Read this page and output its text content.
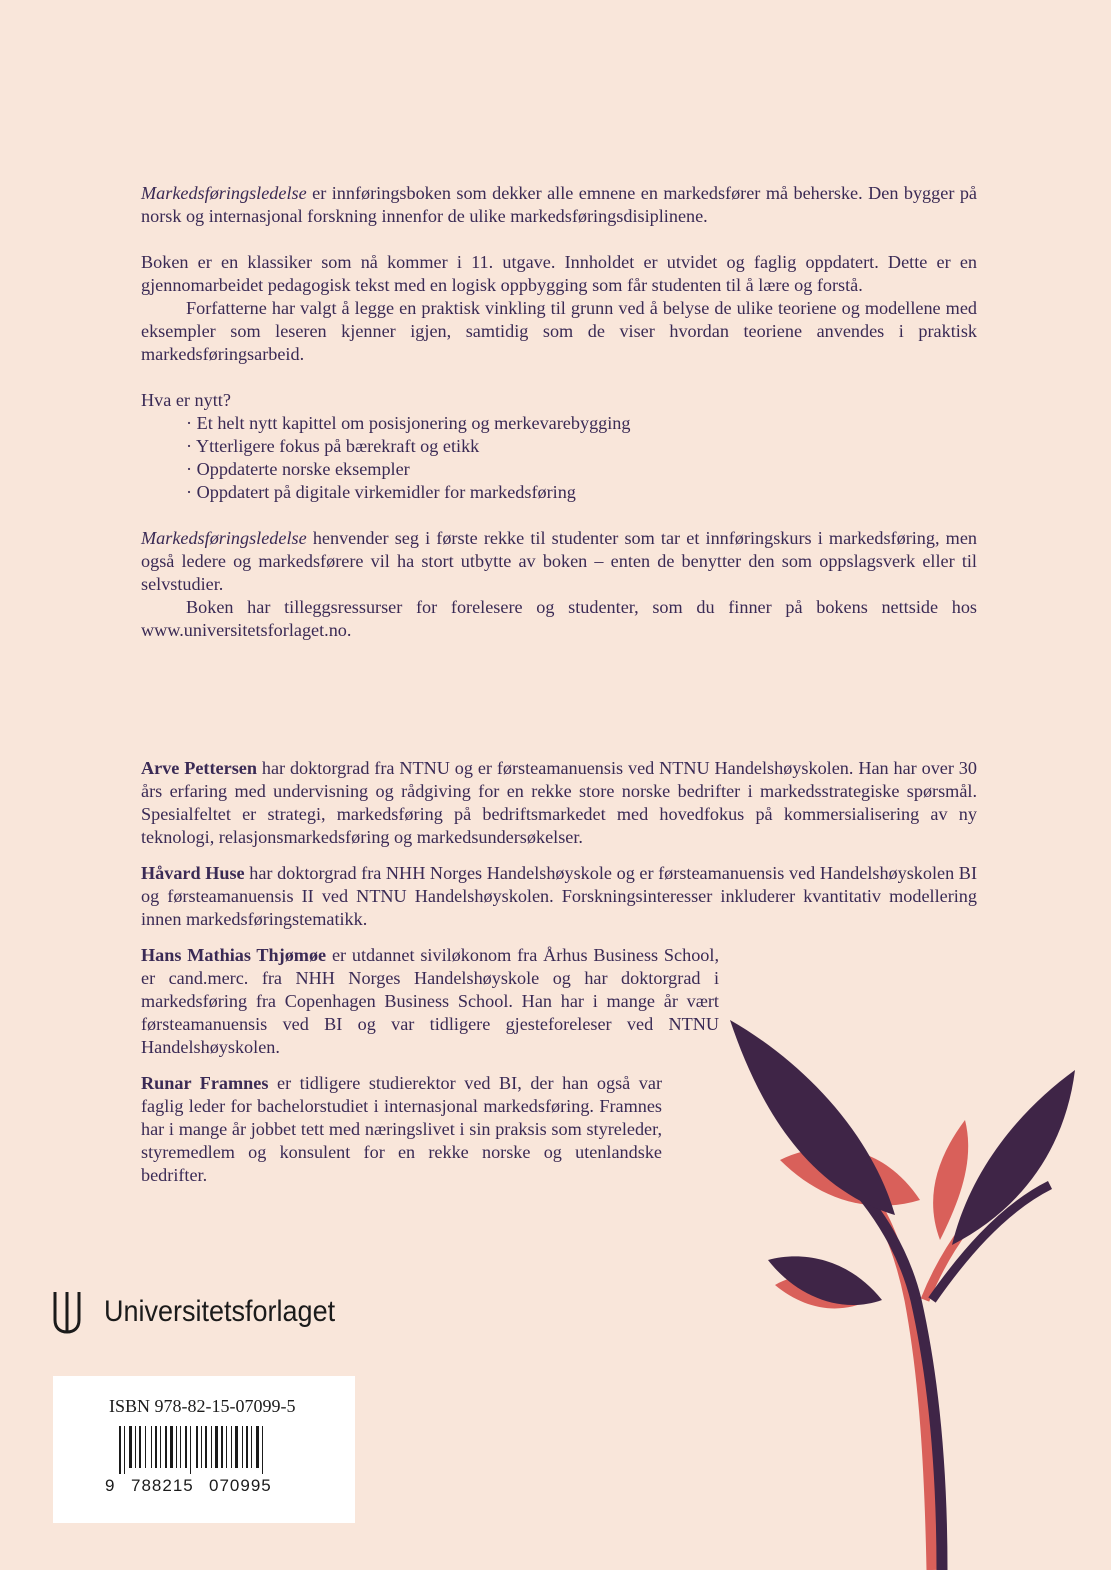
Markedsføringsledelse er innføringsboken som dekker alle emnene en markedsfører må beherske. Den bygger på norsk og internasjonal forskning innenfor de ulike markedsføringsdisiplinene.

Boken er en klassiker som nå kommer i 11. utgave. Innholdet er utvidet og faglig oppdatert. Dette er en gjennomarbeidet pedagogisk tekst med en logisk oppbygging som får studenten til å lære og forstå.

Forfatterne har valgt å legge en praktisk vinkling til grunn ved å belyse de ulike teoriene og modellene med eksempler som leseren kjenner igjen, samtidig som de viser hvordan teoriene anvendes i praktisk markedsføringsarbeid.

Hva er nytt?

· Et helt nytt kapittel om posisjonering og merkevarebygging
· Ytterligere fokus på bærekraft og etikk
· Oppdaterte norske eksempler
· Oppdatert på digitale virkemidler for markedsføring

Markedsføringsledelse henvender seg i første rekke til studenter som tar et innføringskurs i markedsføring, men også ledere og markedsførere vil ha stort utbytte av boken – enten de benytter den som oppslagsverk eller til selvstudier.

Boken har tilleggsressurser for forelesere og studenter, som du finner på bokens nettside hos www.universitetsforlaget.no.

Arve Pettersen har doktorgrad fra NTNU og er førsteamanuensis ved NTNU Handelshøyskolen. Han har over 30 års erfaring med undervisning og rådgiving for en rekke store norske bedrifter i markedsstrategiske spørsmål. Spesialfeltet er strategi, markedsføring på bedriftsmarkedet med hovedfokus på kommersialisering av ny teknologi, relasjonsmarkedsføring og markedsundersøkelser.

Håvard Huse har doktorgrad fra NHH Norges Handelshøyskole og er førsteamanuensis ved Handelshøyskolen BI og førsteamanuensis II ved NTNU Handelshøyskolen. Forskningsinteresser inkluderer kvantitativ modellering innen markedsføringstematikk.

Hans Mathias Thjømøe er utdannet siviløkonom fra Århus Business School, er cand.merc. fra NHH Norges Handelshøyskole og har doktorgrad i markedsføring fra Copenhagen Business School. Han har i mange år vært førsteamanuensis ved BI og var tidligere gjesteforeleser ved NTNU Handelshøyskolen.

Runar Framnes er tidligere studierektor ved BI, der han også var faglig leder for bachelorstudiet i internasjonal markedsføring. Framnes har i mange år jobbet tett med næringslivet i sin praksis som styreleder, styremedlem og konsulent for en rekke norske og utenlandske bedrifter.

Universitetsforlaget
ISBN 978-82-15-07099-5
9 788215 070995
